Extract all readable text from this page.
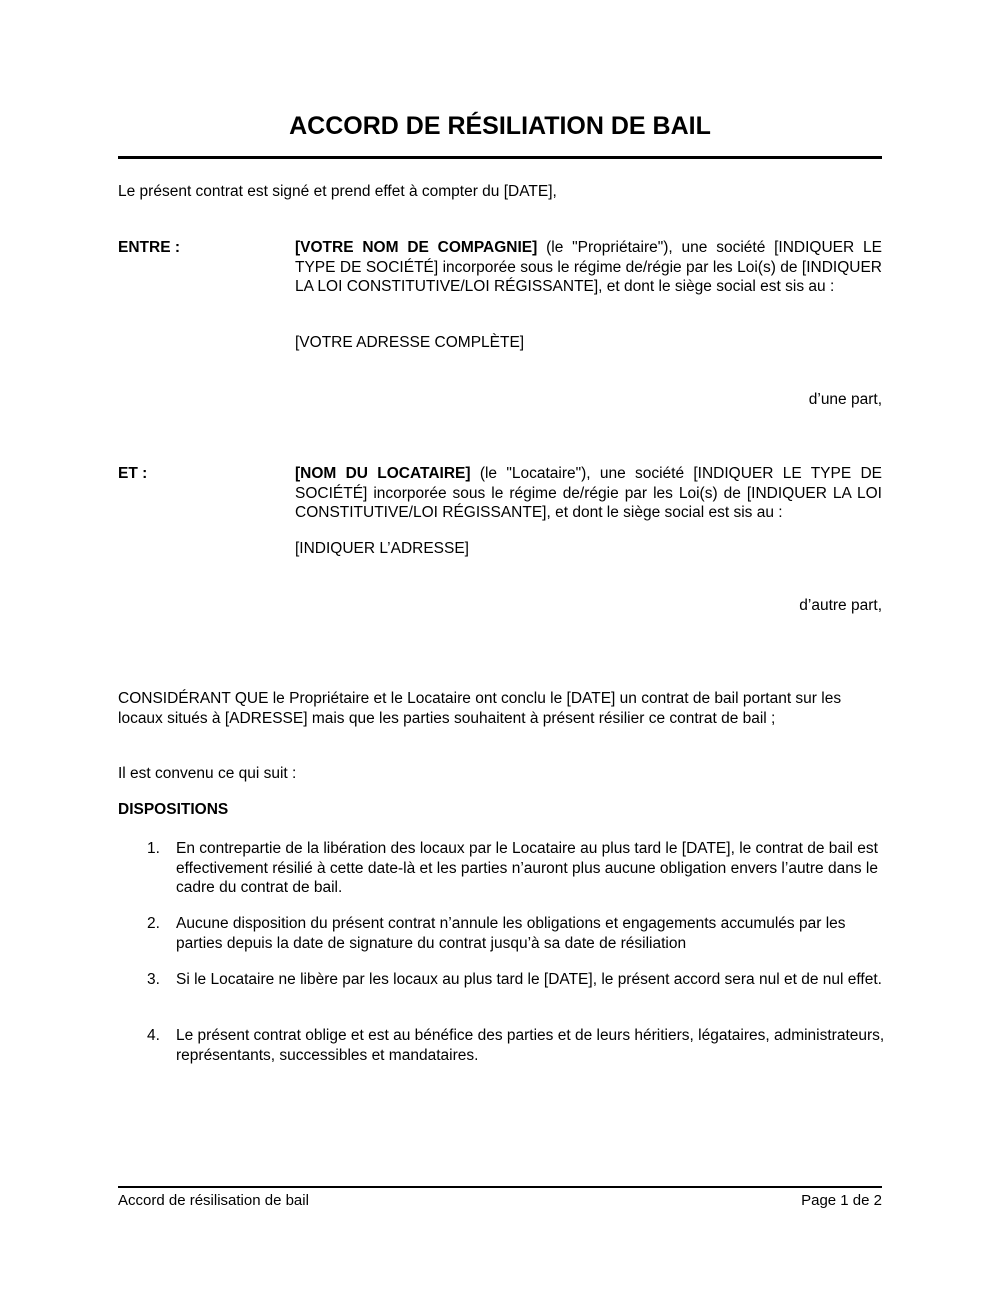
ACCORD DE RÉSILIATION DE BAIL

Le présent contrat est signé et prend effet à compter du [DATE],

ENTRE :	[VOTRE NOM DE COMPAGNIE] (le "Propriétaire"), une société [INDIQUER LE TYPE DE SOCIÉTÉ] incorporée sous le régime de/régie par les Loi(s) de [INDIQUER LA LOI CONSTITUTIVE/LOI RÉGISSANTE], et dont le siège social est sis au :
[VOTRE ADRESSE COMPLÈTE]
d’une part,
ET :	[NOM DU LOCATAIRE] (le "Locataire"), une société [INDIQUER LE TYPE DE SOCIÉTÉ] incorporée sous le régime de/régie par les Loi(s) de [INDIQUER LA LOI CONSTITUTIVE/LOI RÉGISSANTE], et dont le siège social est sis au :
[INDIQUER L’ADRESSE]
d’autre part,

CONSIDÉRANT QUE le Propriétaire et le Locataire ont conclu le [DATE] un contrat de bail portant sur les locaux situés à [ADRESSE] mais que les parties souhaitent à présent résilier ce contrat de bail ;

Il est convenu ce qui suit :

DISPOSITIONS

1.	En contrepartie de la libération des locaux par le Locataire au plus tard le [DATE], le contrat de bail est effectivement résilié à cette date-là et les parties n’auront plus aucune obligation envers l’autre dans le cadre du contrat de bail.
2.	Aucune disposition du présent contrat n’annule les obligations et engagements accumulés par les parties depuis la date de signature du contrat jusqu’à sa date de résiliation
3.	Si le Locataire ne libère par les locaux au plus tard le [DATE], le présent accord sera nul et de nul effet.
4.	Le présent contrat oblige et est au bénéfice des parties et de leurs héritiers, légataires, administrateurs, représentants, successibles et mandataires.
Accord de résilisation de bail	Page 1 de 2
